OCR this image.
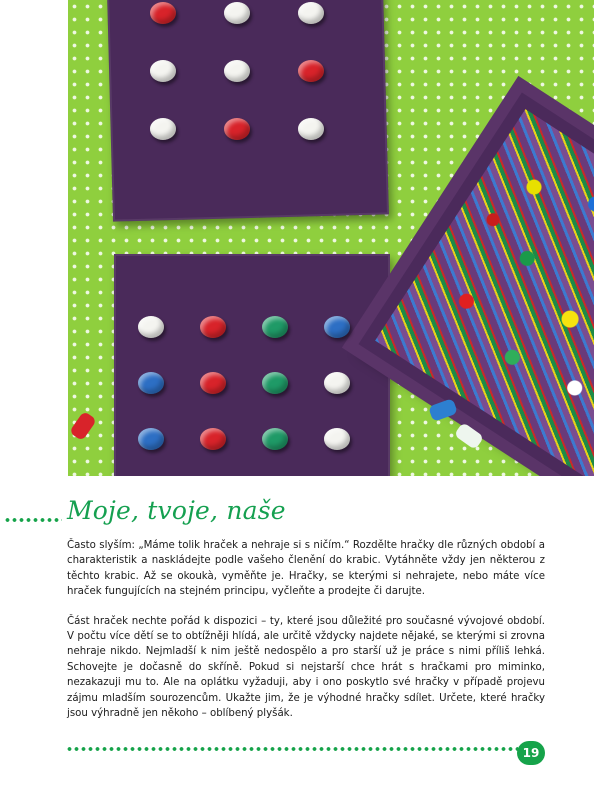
Moje, tvoje, naše

Často slyším: „Máme tolik hraček a nehraje si s ničím.“ Rozdělte hračky dle různých období a charakteristik a naskládejte podle vašeho členění do krabic. Vytáhněte vždy jen některou z těchto krabic. Až se okoukà, vyměňte je. Hračky, se kterými si nehrajete, nebo máte více hraček fungujících na stejném principu, vyčleňte a prodejte či darujte.

Část hraček nechte pořád k dispozici – ty, které jsou důležité pro současné vývojové období. V počtu více dětí se to obtížněji hlídá, ale určitě vždycky najdete nějaké, se kterými si zrovna nehraje nikdo. Nejmladší k nim ještě nedospělo a pro starší už je práce s nimi příliš lehká. Schovejte je dočasně do skříně. Pokud si nejstarší chce hrát s hračkami pro miminko, nezakazuji mu to. Ale na oplátku vyžaduji, aby i ono poskytlo své hračky v případě projevu zájmu mladším sourozencům. Ukažte jim, že je výhodné hračky sdílet. Určete, které hračky jsou výhradně jen někoho – oblíbený plyšák.

19
